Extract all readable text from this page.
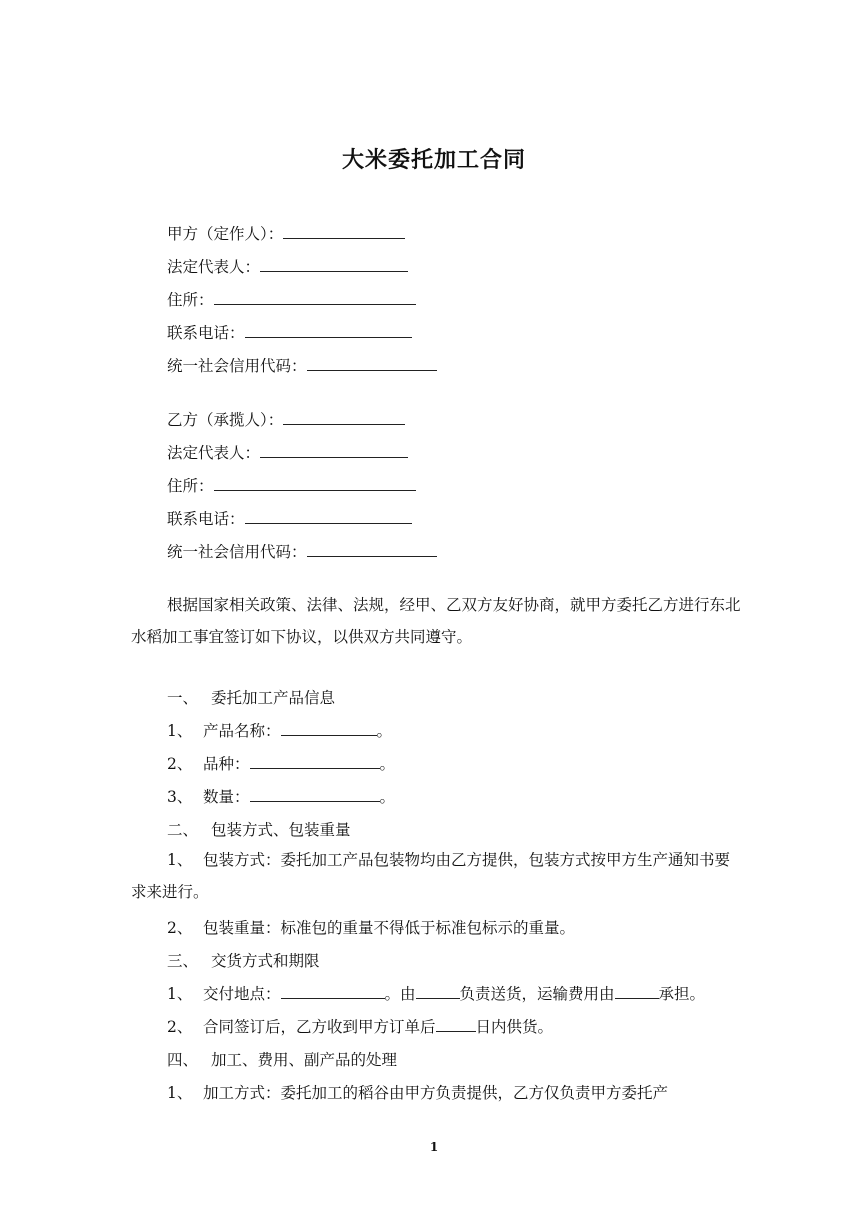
大米委托加工合同
甲方（定作人）：
法定代表人：
住所：
联系电话：
统一社会信用代码：
乙方（承揽人）：
法定代表人：
住所：
联系电话：
统一社会信用代码：
根据国家相关政策、法律、法规，经甲、乙双方友好协商，就甲方委托乙方进行东北水稻加工事宜签订如下协议，以供双方共同遵守。
一、 委托加工产品信息
1、 产品名称：	。
2、 品种：	。
3、 数量：	。
二、 包装方式、包装重量
1、 包装方式：委托加工产品包装物均由乙方提供，包装方式按甲方生产通知书要求来进行。
2、 包装重量：标准包的重量不得低于标准包标示的重量。
三、 交货方式和期限
1、 交付地点：	。由	负责送货，运输费用由	承担。
2、 合同签订后，乙方收到甲方订单后	日内供货。
四、 加工、费用、副产品的处理
1、 加工方式：委托加工的稻谷由甲方负责提供，乙方仅负责甲方委托产
1
